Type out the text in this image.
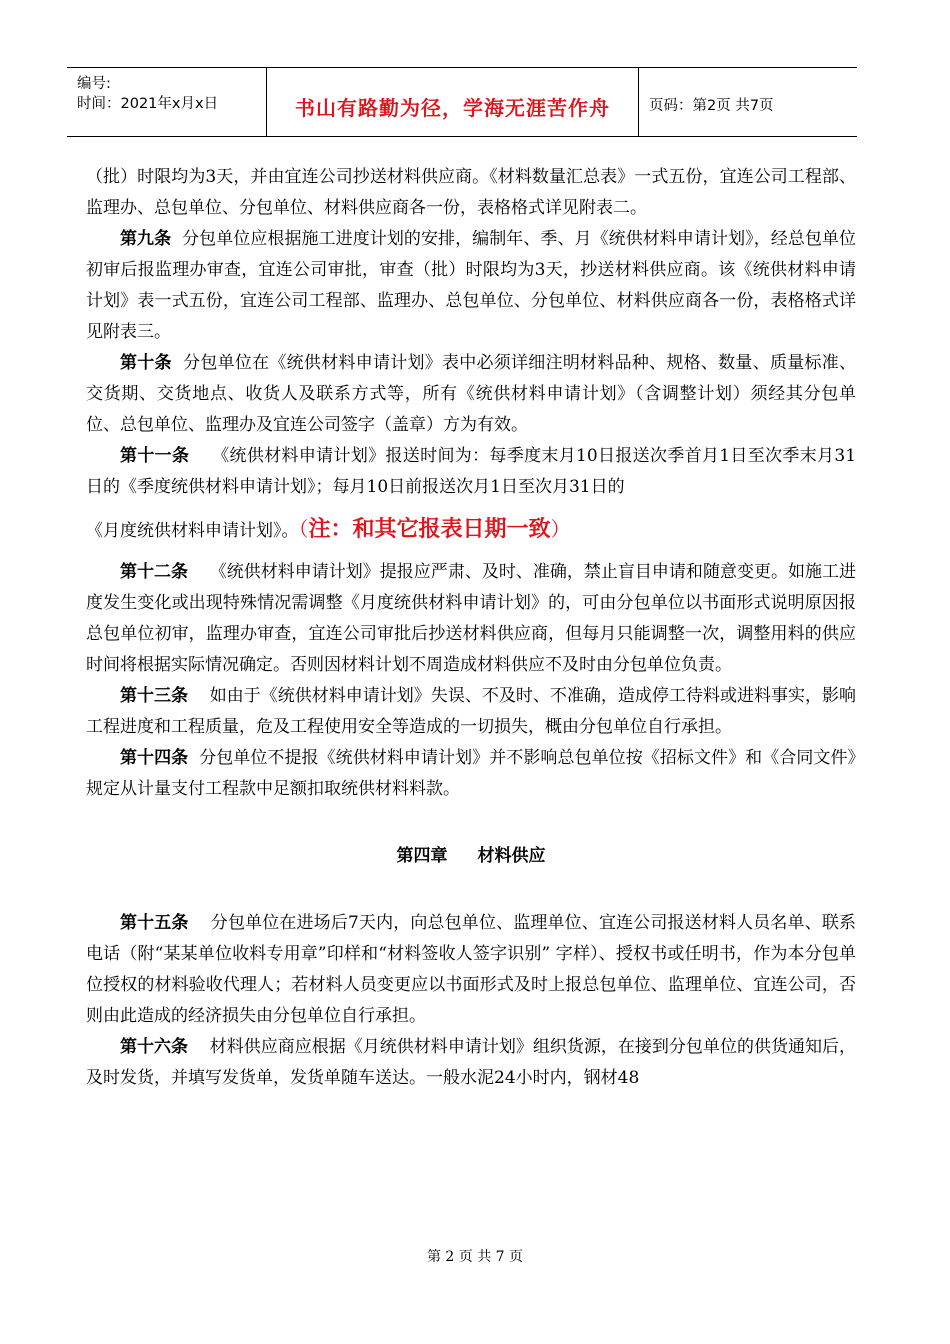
编号:
时间：2021年x月x日	书山有路勤为径，学海无涯苦作舟	页码：第2页 共7页

（批）时限均为3天，并由宜连公司抄送材料供应商。《材料数量汇总表》一式五份，宜连公司工程部、监理办、总包单位、分包单位、材料供应商各一份，表格格式详见附表二。

第九条 分包单位应根据施工进度计划的安排，编制年、季、月《统供材料申请计划》，经总包单位初审后报监理办审查，宜连公司审批，审查（批）时限均为3天，抄送材料供应商。该《统供材料申请计划》表一式五份，宜连公司工程部、监理办、总包单位、分包单位、材料供应商各一份，表格格式详见附表三。

第十条 分包单位在《统供材料申请计划》表中必须详细注明材料品种、规格、数量、质量标准、交货期、交货地点、收货人及联系方式等，所有《统供材料申请计划》（含调整计划）须经其分包单位、总包单位、监理办及宜连公司签字（盖章）方为有效。

第十一条 《统供材料申请计划》报送时间为：每季度末月10日报送次季首月1日至次季末月31日的《季度统供材料申请计划》；每月10日前报送次月1日至次月31日的

《月度统供材料申请计划》。（注：和其它报表日期一致）

第十二条 《统供材料申请计划》提报应严肃、及时、准确，禁止盲目申请和随意变更。如施工进度发生变化或出现特殊情况需调整《月度统供材料申请计划》的，可由分包单位以书面形式说明原因报总包单位初审，监理办审查，宜连公司审批后抄送材料供应商，但每月只能调整一次，调整用料的供应时间将根据实际情况确定。否则因材料计划不周造成材料供应不及时由分包单位负责。

第十三条 如由于《统供材料申请计划》失误、不及时、不准确，造成停工待料或进料事实，影响工程进度和工程质量，危及工程使用安全等造成的一切损失，概由分包单位自行承担。

第十四条 分包单位不提报《统供材料申请计划》并不影响总包单位按《招标文件》和《合同文件》规定从计量支付工程款中足额扣取统供材料料款。

第四章 材料供应

第十五条 分包单位在进场后7天内，向总包单位、监理单位、宜连公司报送材料人员名单、联系电话（附“某某单位收料专用章”印样和“材料签收人签字识别” 字样）、授权书或任明书，作为本分包单位授权的材料验收代理人；若材料人员变更应以书面形式及时上报总包单位、监理单位、宜连公司，否则由此造成的经济损失由分包单位自行承担。

第十六条 材料供应商应根据《月统供材料申请计划》组织货源，在接到分包单位的供货通知后，及时发货，并填写发货单，发货单随车送达。一般水泥24小时内，钢材48

第 2 页 共 7 页
